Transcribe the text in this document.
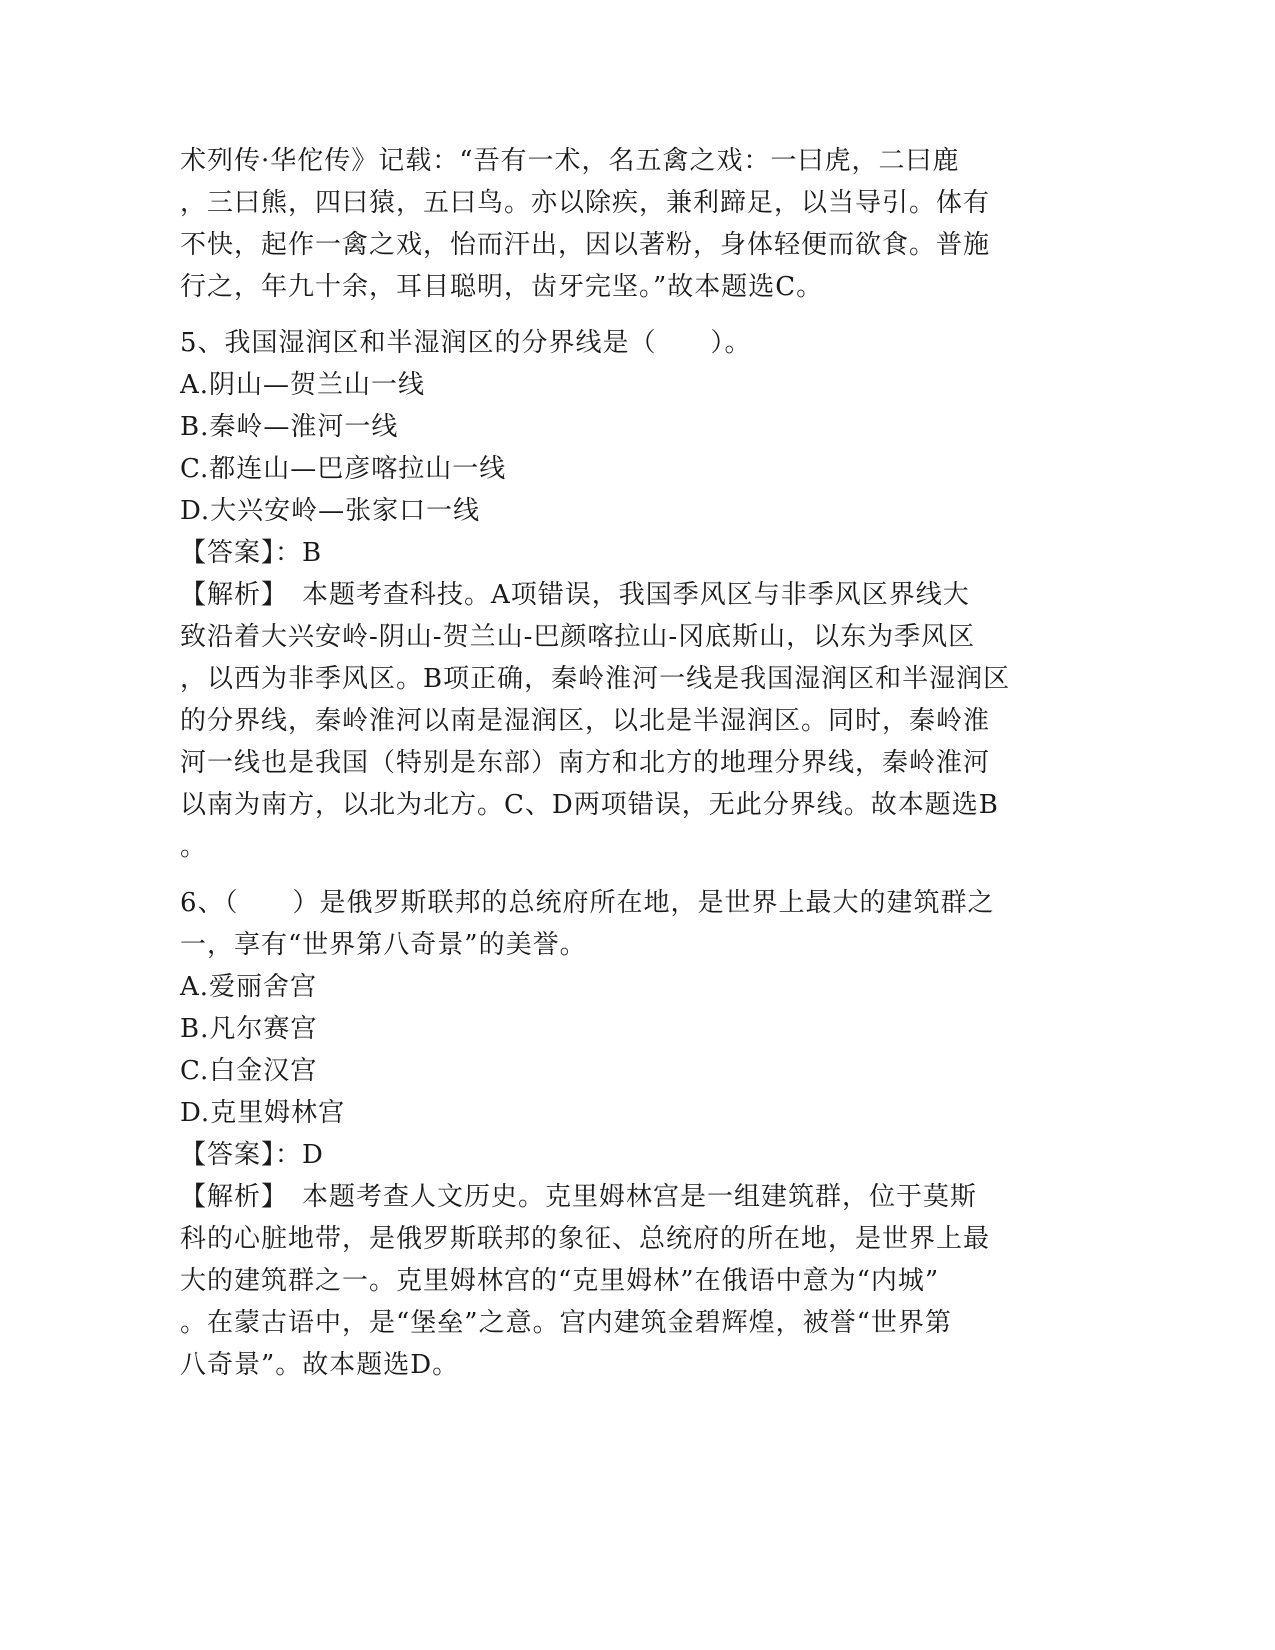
术列传·华佗传》记载：“吾有一术，名五禽之戏：一曰虎，二曰鹿
，三曰熊，四曰猿，五曰鸟。亦以除疾，兼利蹄足，以当导引。体有
不快，起作一禽之戏，怡而汗出，因以著粉，身体轻便而欲食。普施
行之，年九十余，耳目聪明，齿牙完坚。”故本题选C。
5、我国湿润区和半湿润区的分界线是（　　）。
A.阴山—贺兰山一线
B.秦岭—淮河一线
C.都连山—巴彦喀拉山一线
D.大兴安岭—张家口一线
【答案】：B
【解析】　本题考查科技。A项错误，我国季风区与非季风区界线大
致沿着大兴安岭-阴山-贺兰山-巴颜喀拉山-冈底斯山，以东为季风区
，以西为非季风区。B项正确，秦岭淮河一线是我国湿润区和半湿润区
的分界线，秦岭淮河以南是湿润区，以北是半湿润区。同时，秦岭淮
河一线也是我国（特别是东部）南方和北方的地理分界线，秦岭淮河
以南为南方，以北为北方。C、D两项错误，无此分界线。故本题选B
。
6、（　　）是俄罗斯联邦的总统府所在地，是世界上最大的建筑群之
一，享有“世界第八奇景”的美誉。
A.爱丽舍宫
B.凡尔赛宫
C.白金汉宫
D.克里姆林宫
【答案】：D
【解析】　本题考查人文历史。克里姆林宫是一组建筑群，位于莫斯
科的心脏地带，是俄罗斯联邦的象征、总统府的所在地，是世界上最
大的建筑群之一。克里姆林宫的“克里姆林”在俄语中意为“内城”
。在蒙古语中，是“堡垒”之意。宫内建筑金碧辉煌，被誉“世界第
八奇景”。故本题选D。
